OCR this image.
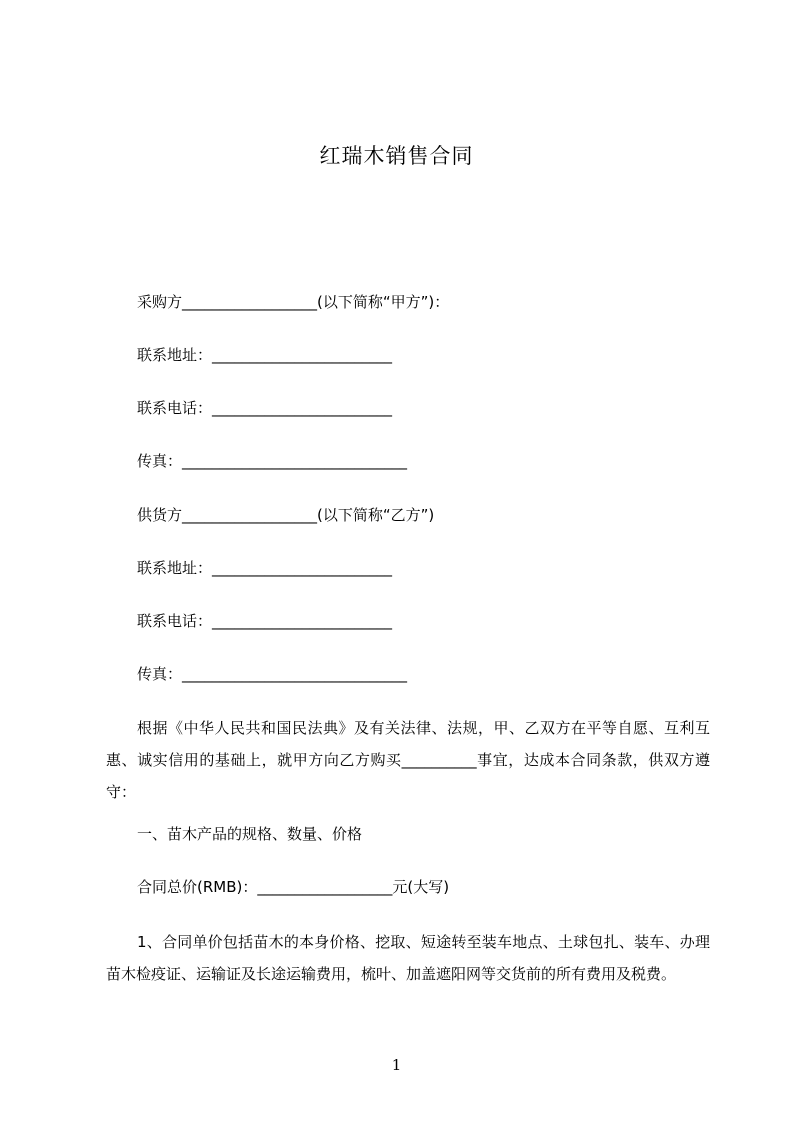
红瑞木销售合同
采购方__________________(以下简称“甲方”)：
联系地址：________________________
联系电话：________________________
传真：______________________________
供货方__________________(以下简称“乙方”)
联系地址：________________________
联系电话：________________________
传真：______________________________
根据《中华人民共和国民法典》及有关法律、法规，甲、乙双方在平等自愿、互利互惠、诚实信用的基础上，就甲方向乙方购买__________事宜，达成本合同条款，供双方遵守：
一、苗木产品的规格、数量、价格
合同总价(RMB)：__________________元(大写)
1、合同单价包括苗木的本身价格、挖取、短途转至装车地点、土球包扎、装车、办理苗木检疫证、运输证及长途运输费用，梳叶、加盖遮阳网等交货前的所有费用及税费。
1
